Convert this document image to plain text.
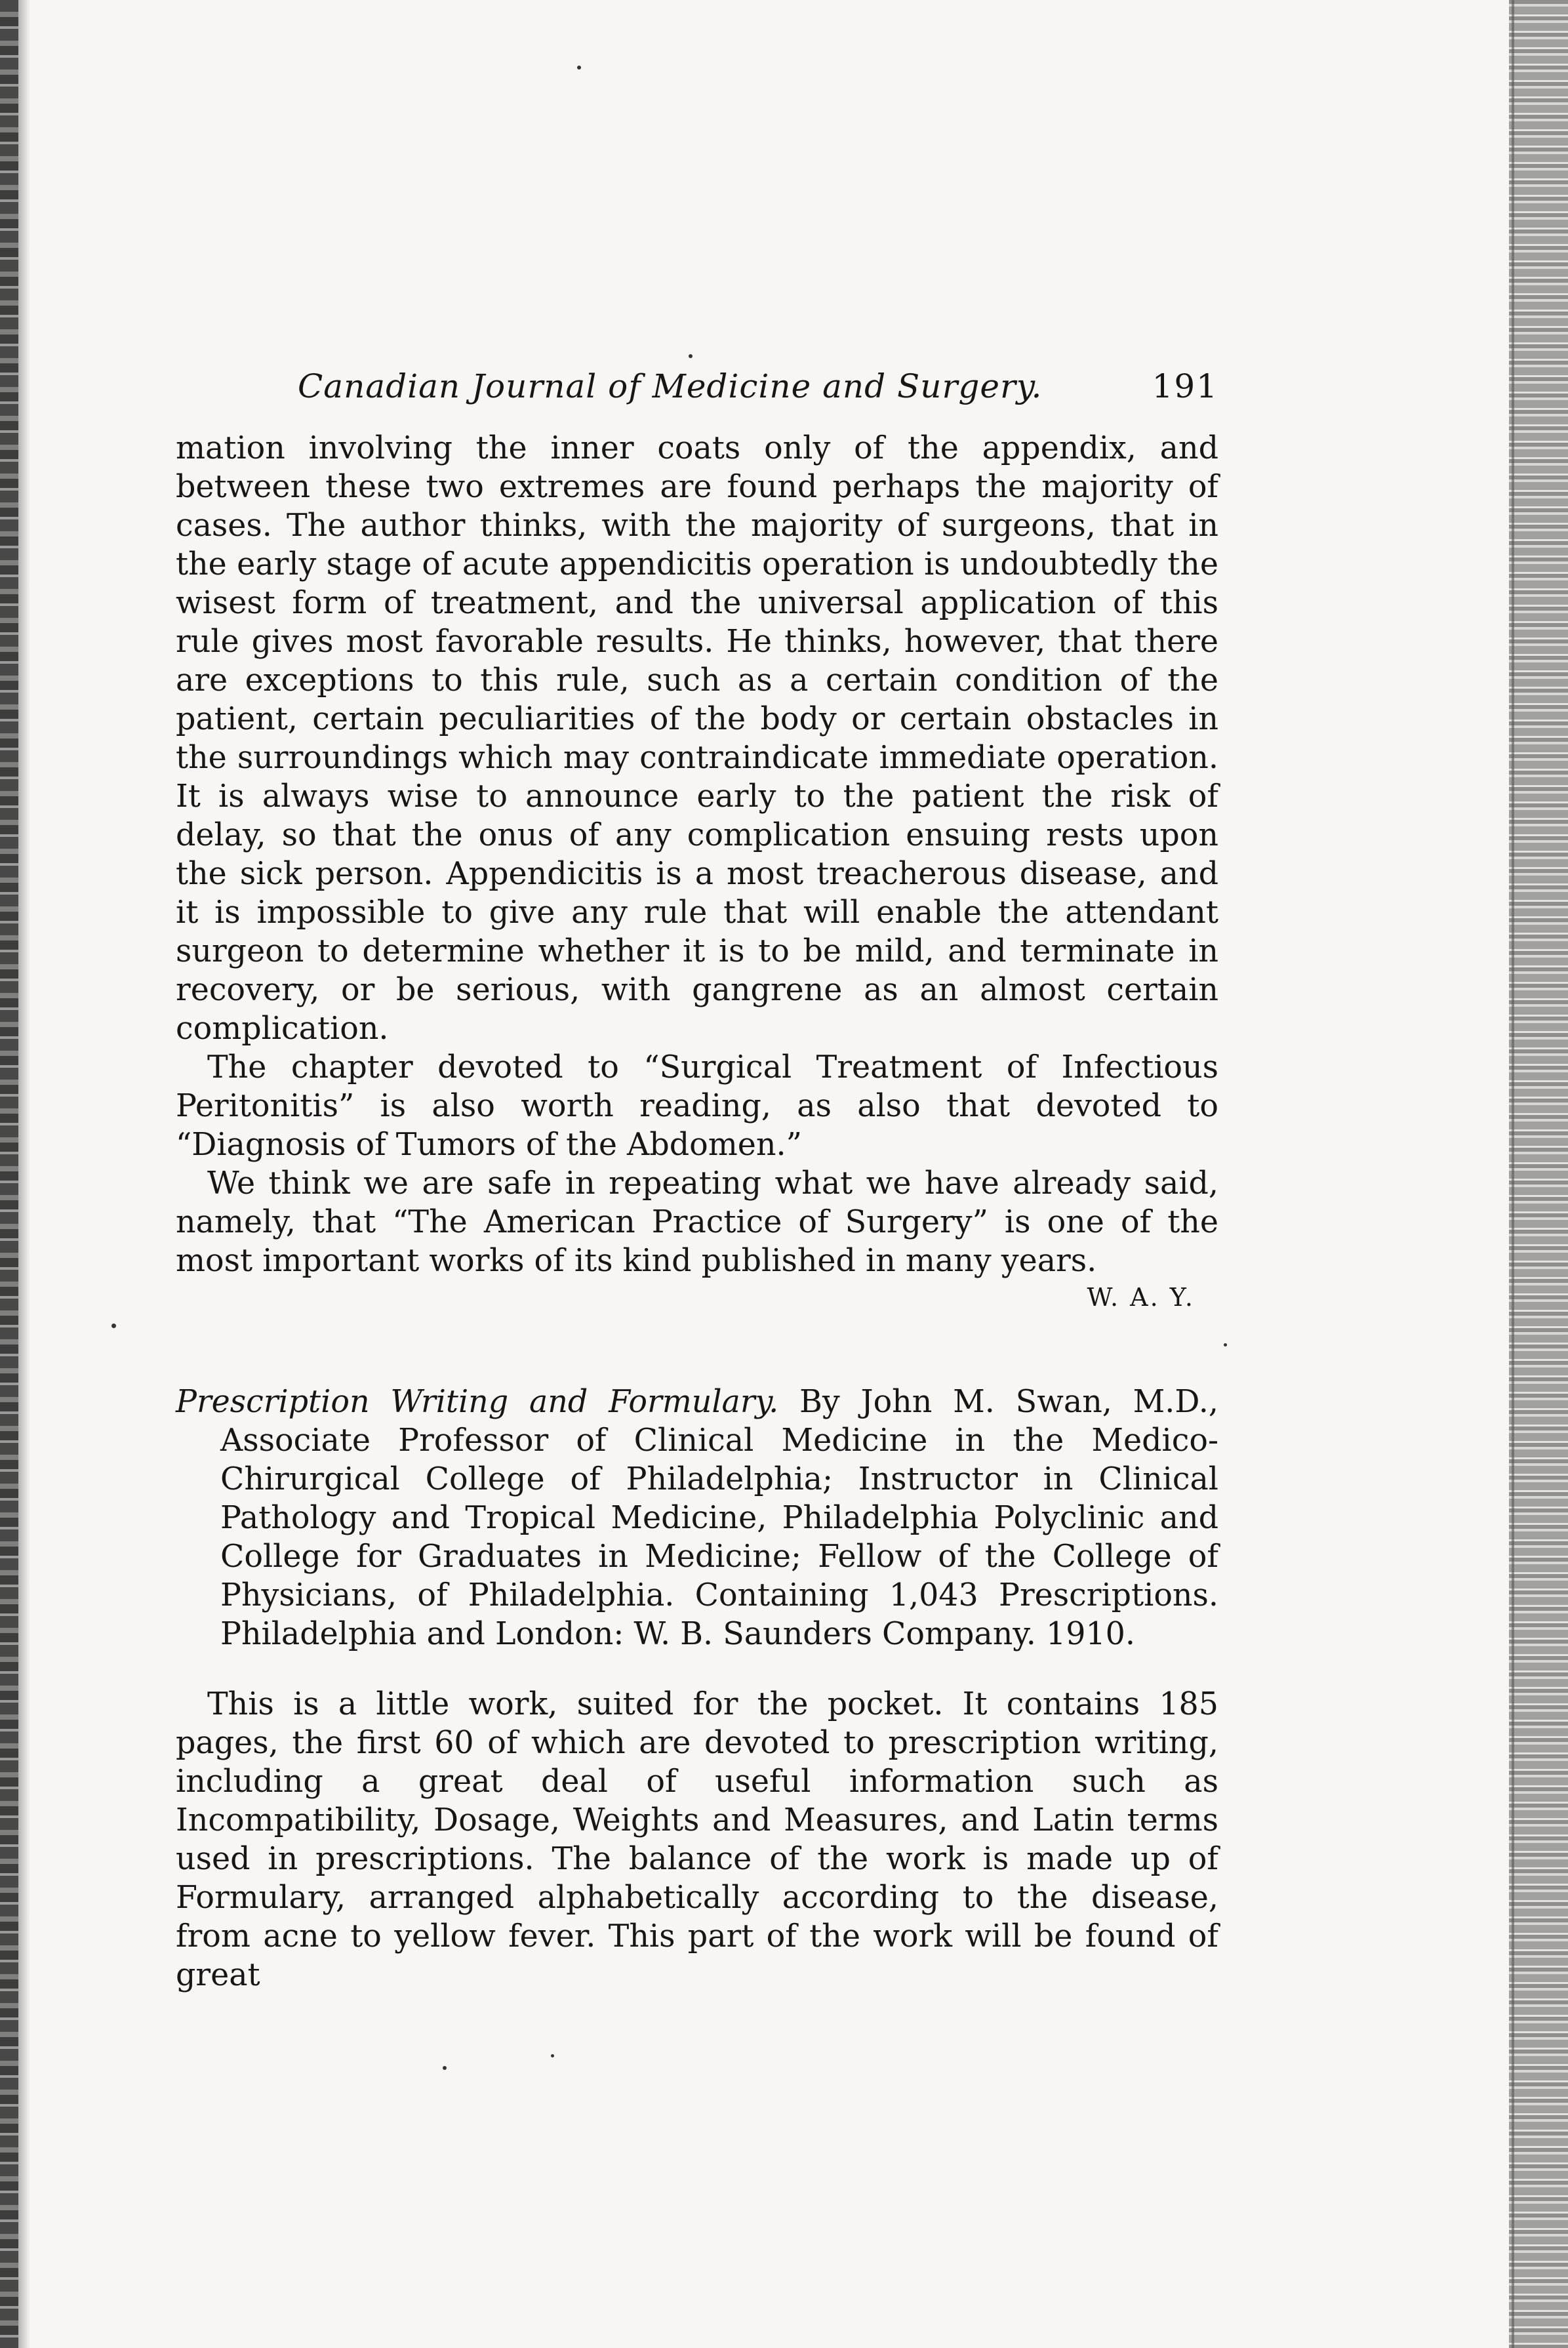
Canadian Journal of Medicine and Surgery.	191

mation involving the inner coats only of the appendix, and between these two extremes are found perhaps the majority of cases. The author thinks, with the majority of surgeons, that in the early stage of acute appendicitis operation is undoubtedly the wisest form of treatment, and the universal application of this rule gives most favorable results. He thinks, however, that there are exceptions to this rule, such as a certain condition of the patient, certain peculiarities of the body or certain obstacles in the surroundings which may contraindicate immediate operation. It is always wise to announce early to the patient the risk of delay, so that the onus of any complication ensuing rests upon the sick person. Appendicitis is a most treacherous disease, and it is impossible to give any rule that will enable the attendant surgeon to determine whether it is to be mild, and terminate in recovery, or be serious, with gangrene as an almost certain complication.

The chapter devoted to “Surgical Treatment of Infectious Peritonitis” is also worth reading, as also that devoted to “Diagnosis of Tumors of the Abdomen.”

We think we are safe in repeating what we have already said, namely, that “The American Practice of Surgery” is one of the most important works of its kind published in many years.

W. A. Y.

Prescription Writing and Formulary. By John M. Swan, M.D., Associate Professor of Clinical Medicine in the Medico-Chirurgical College of Philadelphia; Instructor in Clinical Pathology and Tropical Medicine, Philadelphia Polyclinic and College for Graduates in Medicine; Fellow of the College of Physicians, of Philadelphia. Containing 1,043 Prescriptions. Philadelphia and London: W. B. Saunders Company. 1910.

This is a little work, suited for the pocket. It contains 185 pages, the first 60 of which are devoted to prescription writing, including a great deal of useful information such as Incompatibility, Dosage, Weights and Measures, and Latin terms used in prescriptions. The balance of the work is made up of Formulary, arranged alphabetically according to the disease, from acne to yellow fever. This part of the work will be found of great
